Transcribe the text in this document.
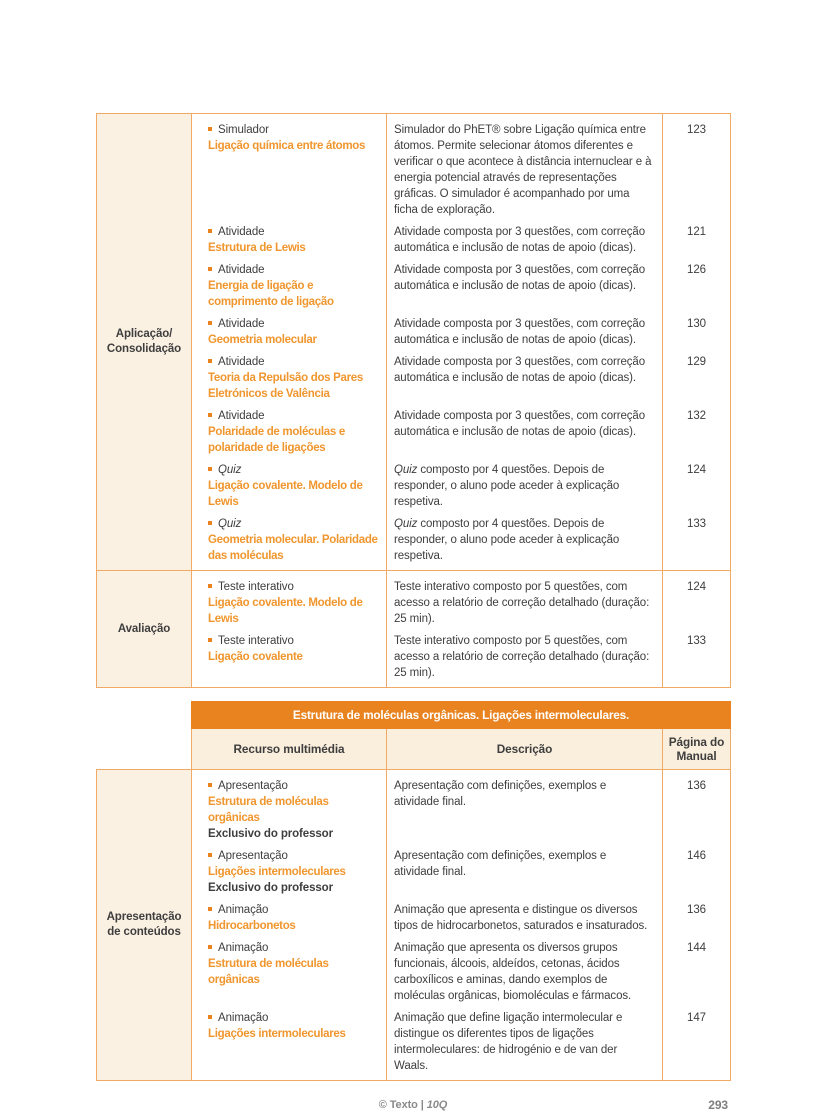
Aplicação/
Consolidação	
Simulador
Ligação química entre átomos
	Simulador do PhET® sobre Ligação química entre átomos. Permite selecionar átomos diferentes e verificar o que acontece à distância internuclear e à energia potencial através de representações gráficas. O simulador é acompanhado por uma ficha de exploração.	123

	Atividade
Estrutura de Lewis	Atividade composta por 3 questões, com correção automática e inclusão de notas de apoio (dicas).	121

	Atividade
Energia de ligação e comprimento de ligação	Atividade composta por 3 questões, com correção automática e inclusão de notas de apoio (dicas).	126

	Atividade
Geometria molecular	Atividade composta por 3 questões, com correção automática e inclusão de notas de apoio (dicas).	130

	Atividade
Teoria da Repulsão dos Pares Eletrónicos de Valência	Atividade composta por 3 questões, com correção automática e inclusão de notas de apoio (dicas).	129

	Atividade
Polaridade de moléculas e polaridade de ligações	Atividade composta por 3 questões, com correção automática e inclusão de notas de apoio (dicas).	132

	Quiz
Ligação covalente. Modelo de Lewis	Quiz composto por 4 questões. Depois de responder, o aluno pode aceder à explicação respetiva.	124

	Quiz
Geometria molecular. Polaridade das moléculas	Quiz composto por 4 questões. Depois de responder, o aluno pode aceder à explicação respetiva.	133
Avaliação	Teste interativo
Ligação covalente. Modelo de Lewis	Teste interativo composto por 5 questões, com acesso a relatório de correção detalhado (duração: 25 min).	124

	Teste interativo
Ligação covalente	Teste interativo composto por 5 questões, com acesso a relatório de correção detalhado (duração: 25 min).	133
	Estrutura de moléculas orgânicas. Ligações intermoleculares.		
	Recurso multimédia	Descrição	Página do Manual
Apresentação
de conteúdos	
Apresentação
Estrutura de moléculas orgânicas
Exclusivo do professor
	Apresentação com definições, exemplos e atividade final.	136

	Apresentação
Ligações intermoleculares
Exclusivo do professor	Apresentação com definições, exemplos e atividade final.	146

	Animação
Hidrocarbonetos	Animação que apresenta e distingue os diversos tipos de hidrocarbonetos, saturados e insaturados.	136

	Animação
Estrutura de moléculas orgânicas	Animação que apresenta os diversos grupos funcionais, álcoois, aldeídos, cetonas, ácidos carboxílicos e aminas, dando exemplos de moléculas orgânicas, biomoléculas e fármacos.	144

	Animação
Ligações intermoleculares	Animação que define ligação intermolecular e distingue os diferentes tipos de ligações intermoleculares: de hidrogénio e de van der Waals.	147
© Texto | 10Q	293
